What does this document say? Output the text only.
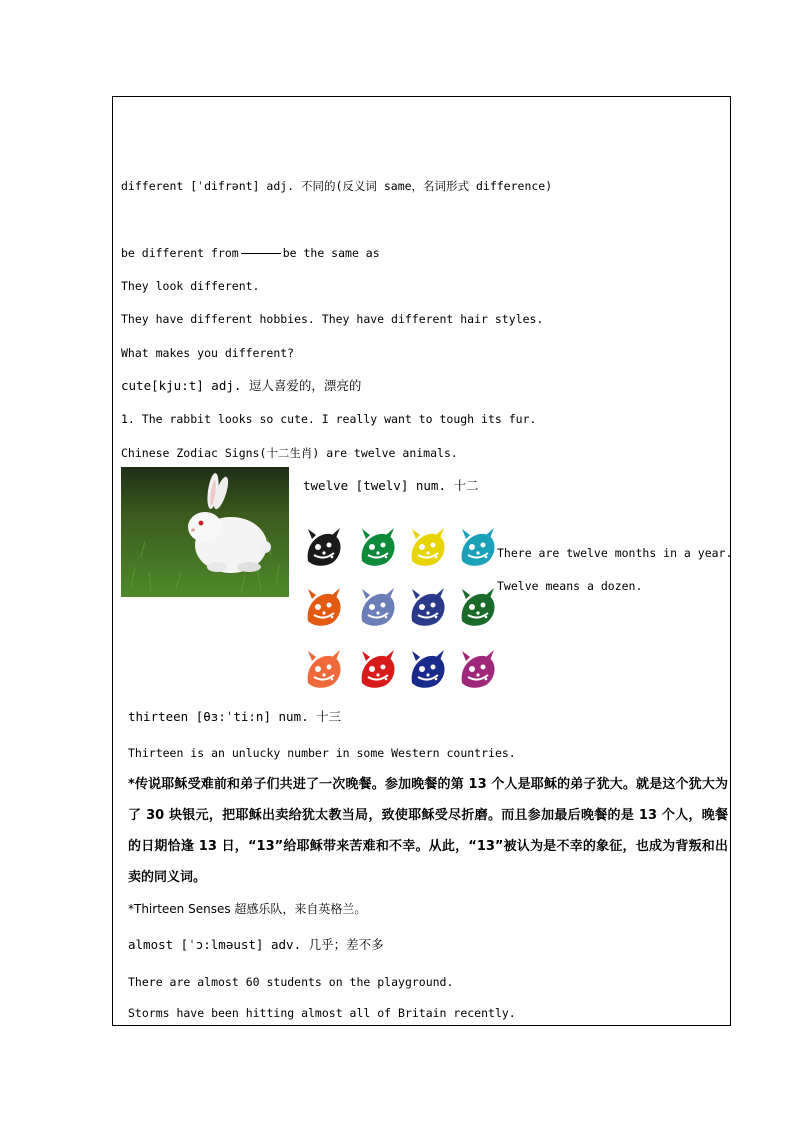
different [ˈdifrənt] adj. 不同的(反义词 same，名词形式 difference)
be different from	be the same as
They look different.
They have different hobbies. They have different hair styles.
What makes you different?
cute[kju:t] adj. 逗人喜爱的，漂亮的
1. The rabbit looks so cute. I really want to tough its fur.
Chinese Zodiac Signs(十二生肖) are twelve animals.
twelve [twelv] num. 十二
There are twelve months in a year.
Twelve means a dozen.
thirteen [θɜ:ˈti:n] num. 十三
Thirteen is an unlucky number in some Western countries.
*传说耶稣受难前和弟子们共进了一次晚餐。参加晚餐的第 13 个人是耶稣的弟子犹大。就是这个犹大为了 30 块银元，把耶稣出卖给犹太教当局，致使耶稣受尽折磨。而且参加最后晚餐的是 13 个人，晚餐的日期恰逢 13 日，“13”给耶稣带来苦难和不幸。从此，“13”被认为是不幸的象征，也成为背叛和出卖的同义词。
*Thirteen Senses 超感乐队，来自英格兰。
almost [ˈɔ:lməust] adv. 几乎；差不多
There are almost 60 students on the playground.
Storms have been hitting almost all of Britain recently.
